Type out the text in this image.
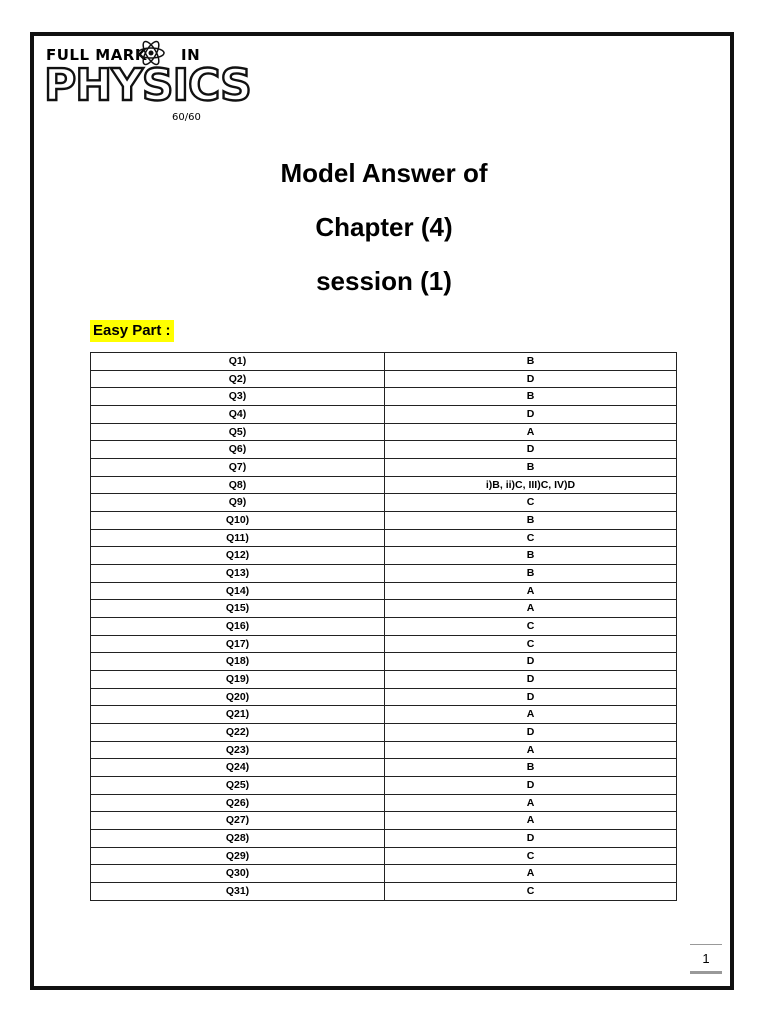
FULL MARK IN
PHYSICS
60/60
Model Answer of
Chapter (4)
session (1)
Easy Part :
Q1)	B
Q2)	D
Q3)	B
Q4)	D
Q5)	A
Q6)	D
Q7)	B
Q8)	i)B, ii)C, III)C, IV)D
Q9)	C
Q10)	B
Q11)	C
Q12)	B
Q13)	B
Q14)	A
Q15)	A
Q16)	C
Q17)	C
Q18)	D
Q19)	D
Q20)	D
Q21)	A
Q22)	D
Q23)	A
Q24)	B
Q25)	D
Q26)	A
Q27)	A
Q28)	D
Q29)	C
Q30)	A
Q31)	C
1
